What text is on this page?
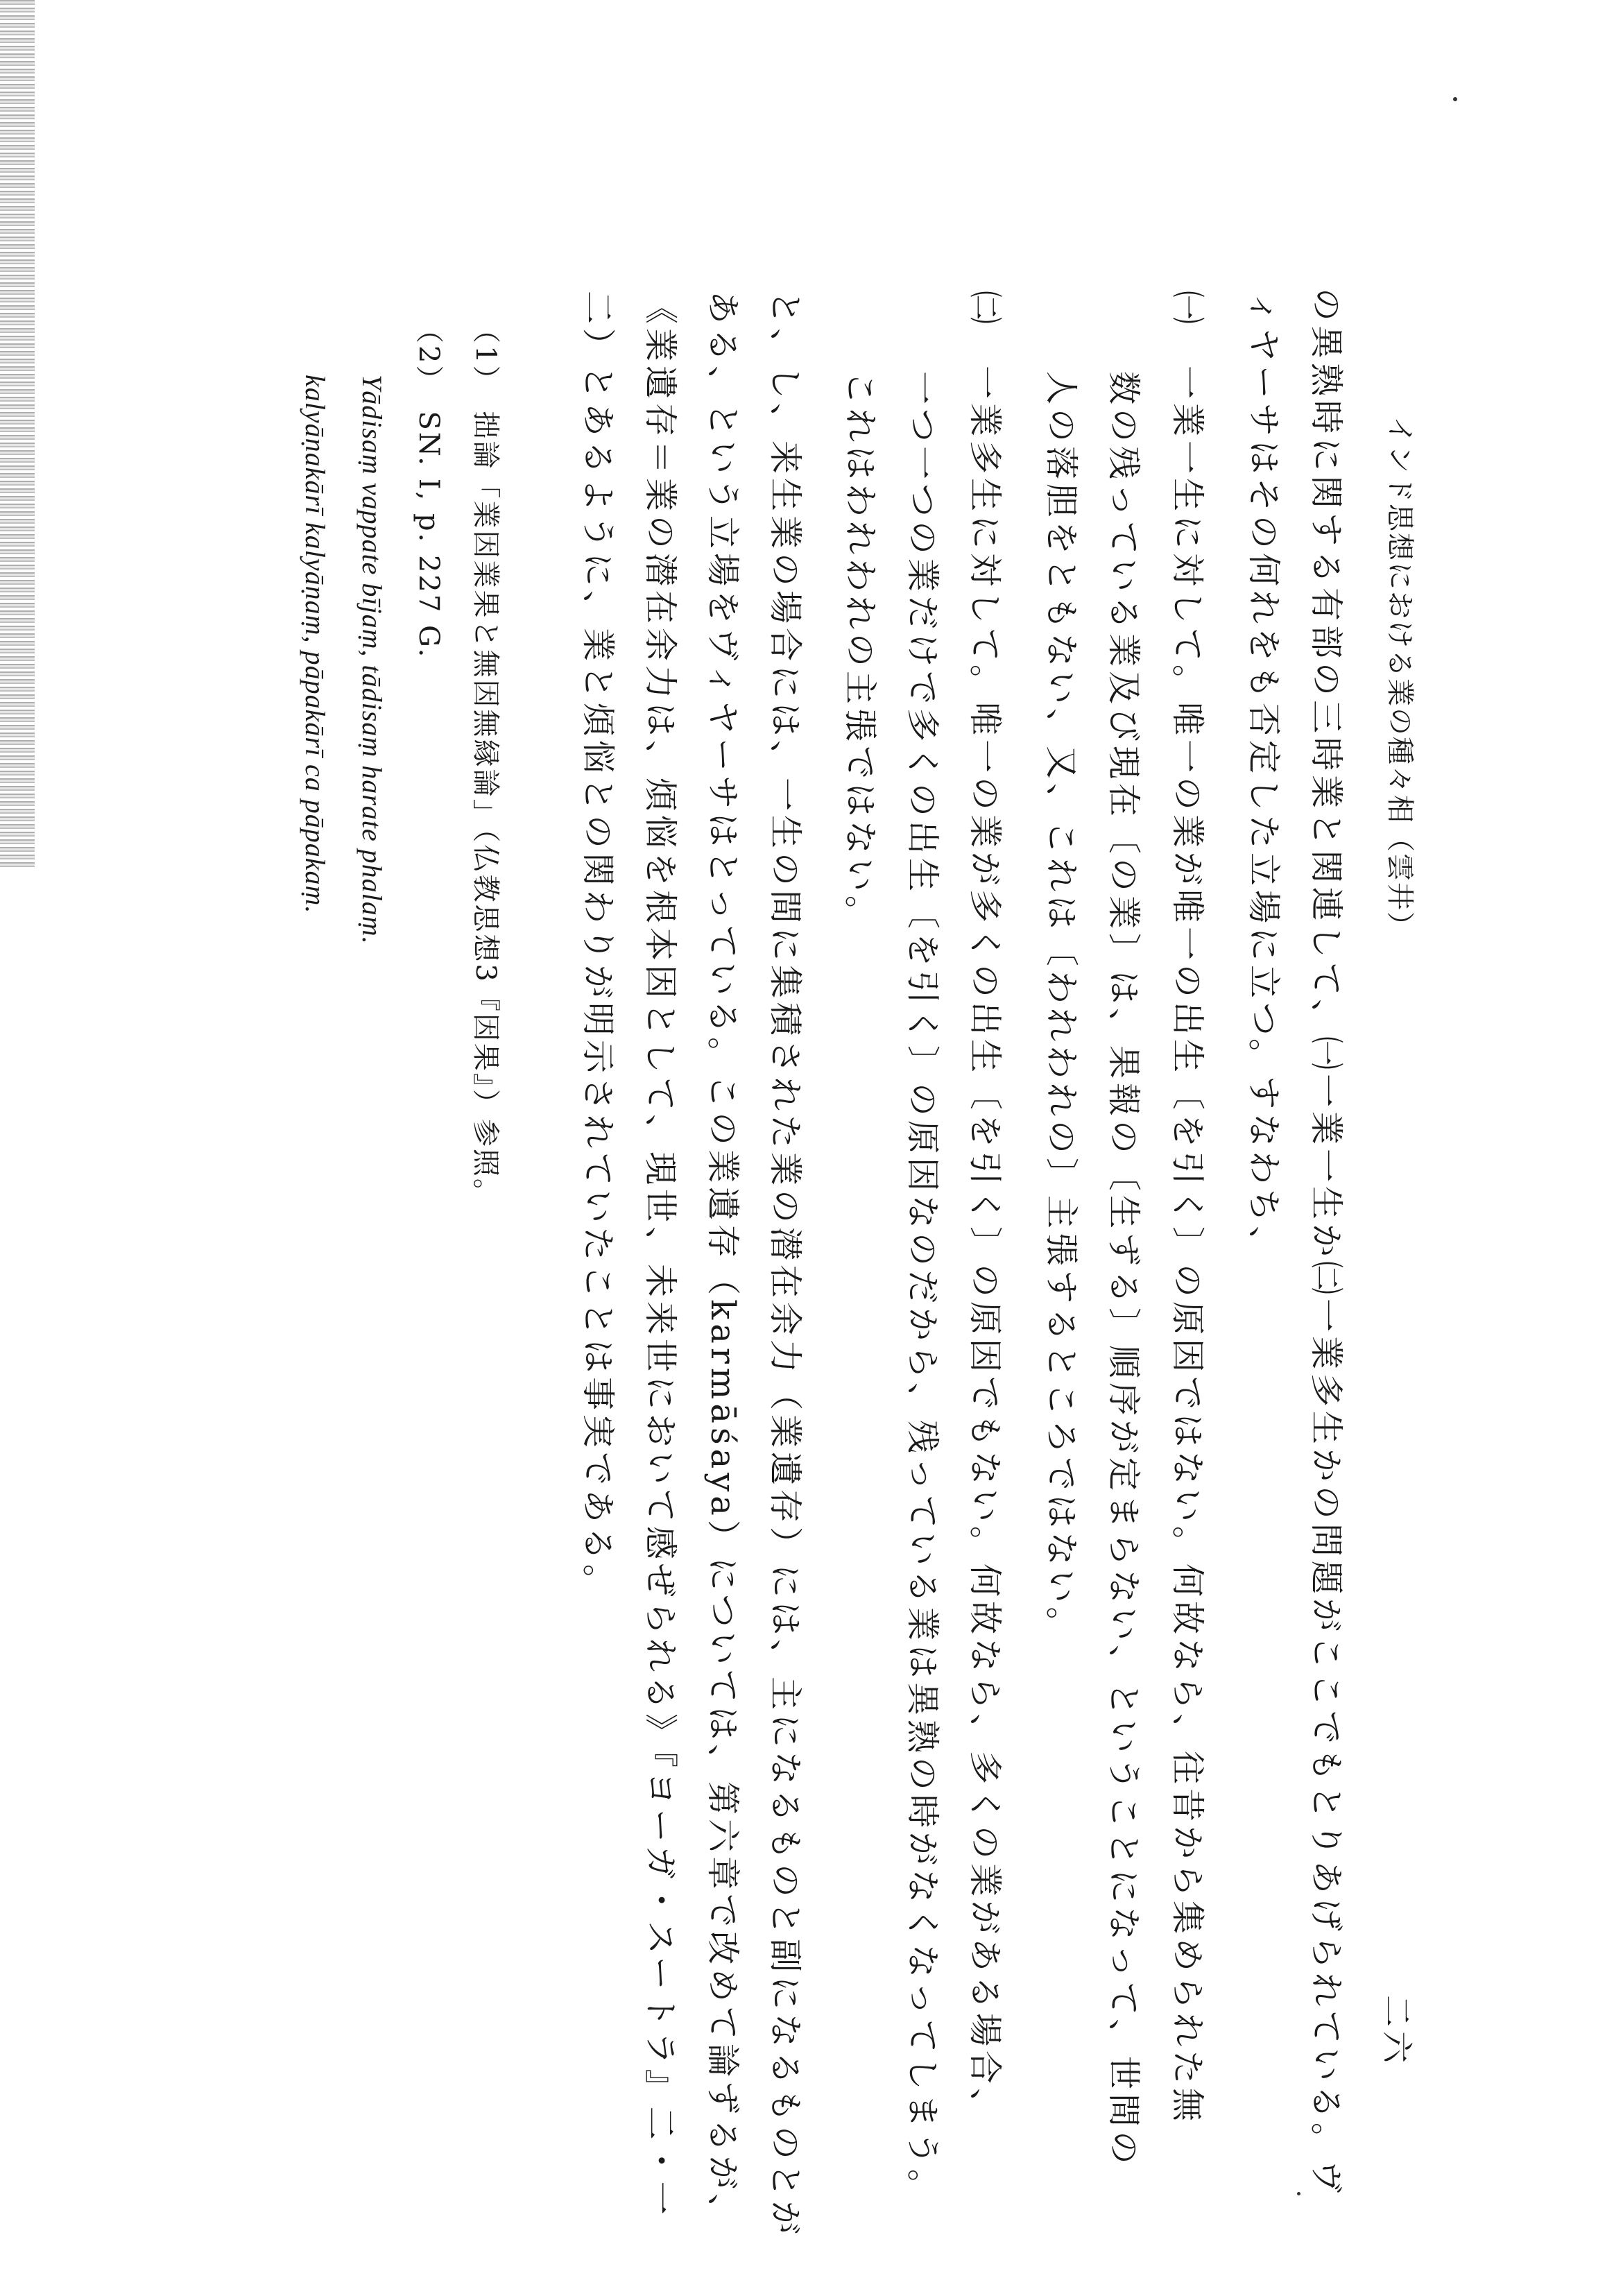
インド思想における業の種々相（雲井）
二六
の異熟時に関する有部の三時業と関連して、㈠一業一生か㈡一業多生かの問題がここでもとりあげられている。ヴ
ィヤーサはその何れをも否定した立場に立つ。すなわち、
㈠　一業一生に対して。唯一の業が唯一の出生〔を引く〕の原因ではない。何故なら、往昔から集められた無
数の残っている業及び現在〔の業〕は、果報の〔生ずる〕順序が定まらない、ということになって、世間の
人の落胆をともない、又、これは〔われわれの〕主張するところではない。
㈡　一業多生に対して。唯一の業が多くの出生〔を引く〕の原因でもない。何故なら、多くの業がある場合、
一つ一つの業だけで多くの出生〔を引く〕の原因なのだから、残っている業は異熟の時がなくなってしまう。
これはわれわれの主張ではない。
と、し、来生業の場合には、一生の間に集積された業の潜在余力（業遺存）には、主になるものと副になるものとが
ある、という立場をヴィヤーサはとっている。この業遺存（karmāśaya）については、第六章で改めて論ずるが、
《業遺存＝業の潜在余力は、煩悩を根本因として、現世、未来世において感ぜられる》『ヨーガ・スートラ』二・一
二）とあるように、業と煩悩との関わりが明示されていたことは事実である。
（1）　拙論「業因業果と無因無縁論」（仏教思想3『因果』）参照。
（2）　SN. I, p. 227 G.
Yādisaṃ vappate bījaṃ, tādisaṃ harate phalaṃ.
kalyāṇakārī kalyāṇaṃ, pāpakārī ca pāpakaṃ.
